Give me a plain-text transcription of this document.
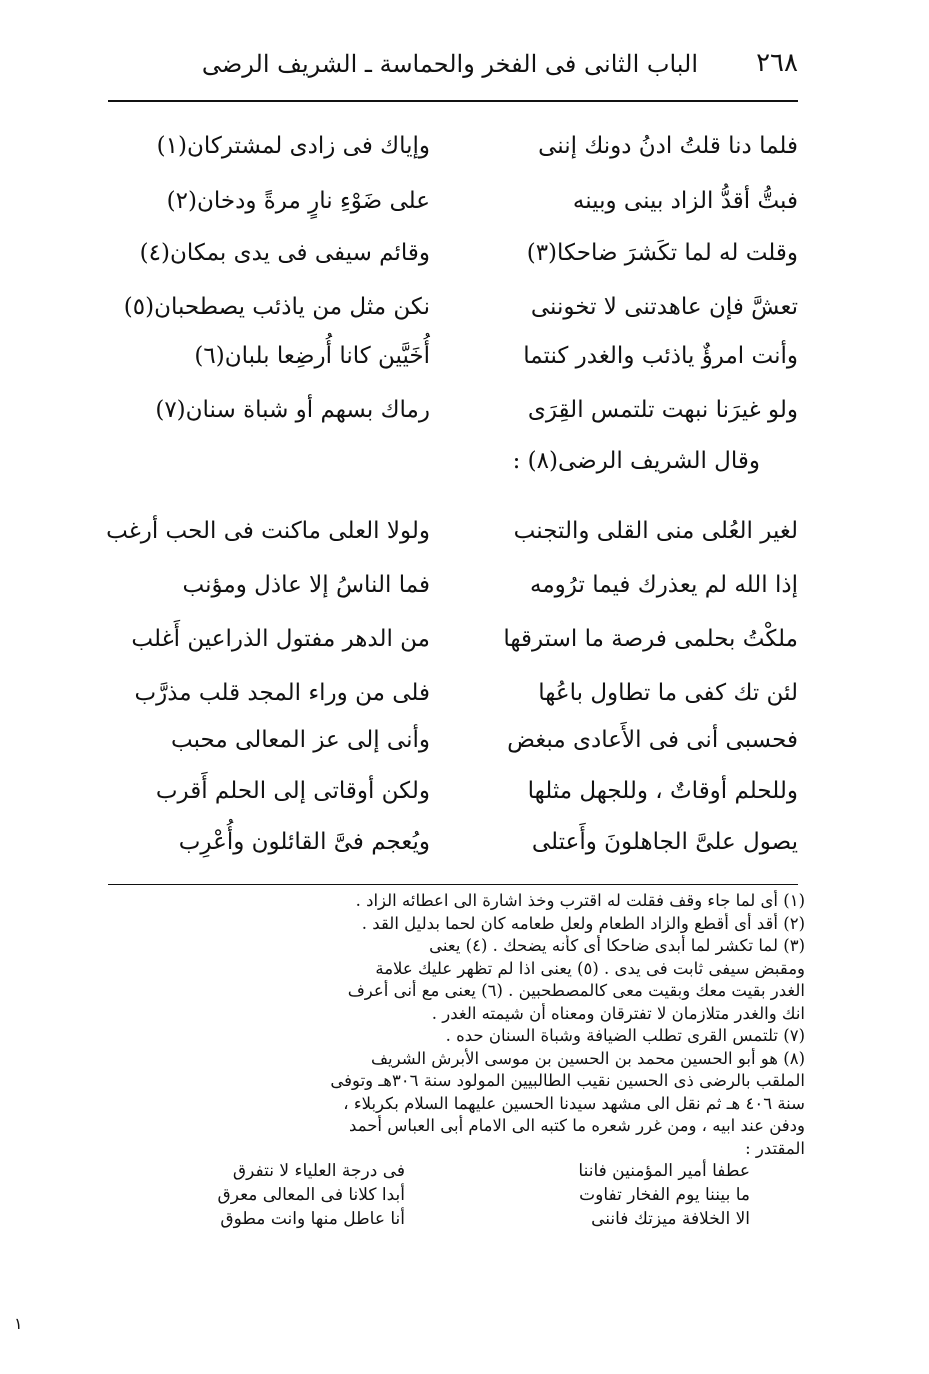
٢٦٨
الباب الثانى فى الفخر والحماسة ـ الشريف الرضى
فلما دنا قلتُ ادنُ دونك إننى
وإياك فى زادى لمشتركان(١)
فبتُّ أقدُّ الزاد بينى وبينه
على ضَوْءِ نارٍ مرةً ودخان(٢)
وقلت له لما تكَشرَ ضاحكا(٣)
وقائم سيفى فى يدى بمكان(٤)
تعشَّ فإن عاهدتنى لا تخوننى
نكن مثل من ياذئب يصطحبان(٥)
وأنت امرؤٌ ياذئب والغدر كنتما
أُخَيَّين كانا أُرضِعا بلبان(٦)
ولو غيرَنا نبهت تلتمس القِرَى
رماك بسهم أو شباة سنان(٧)
وقال الشريف الرضى(٨) :
لغير العُلى منى القلى والتجنب
ولولا العلى ماكنت فى الحب أرغب
إذا الله لم يعذرك فيما ترُومه
فما الناسُ إلا عاذل ومؤنب
ملكْتُ بحلمى فرصة ما استرقها
من الدهر مفتول الذراعين أَغلب
لئن تك كفى ما تطاول باعُها
فلى من وراء المجد قلب مذرَّب
فحسبى أنى فى الأَعادى مبغض
وأنى إلى عز المعالى محبب
وللحلم أوقاتٌ ، وللجهل مثلها
ولكن أوقاتى إلى الحلم أَقرب
يصول علىَّ الجاهلونَ وأَعتلى
ويُعجم فىَّ القائلون وأُعْرِب
(١) أى لما جاء وقف فقلت له اقترب وخذ اشارة الى اعطائه الزاد .
(٢) أقد أى أقطع والزاد الطعام ولعل طعامه كان لحما بدليل القد .
(٣) لما تكشر لما أبدى ضاحكا أى كأنه يضحك . (٤) يعنى
ومقبض سيفى ثابت فى يدى . (٥) يعنى اذا لم تظهر عليك علامة
الغدر بقيت معك وبقيت معى كالمصطحبين . (٦) يعنى مع أنى أعرف
انك والغدر متلازمان لا تفترقان ومعناه أن شيمته الغدر .
(٧) تلتمس القرى تطلب الضيافة وشباة السنان حده .
(٨) هو أبو الحسين محمد بن الحسين بن موسى الأبرش الشريف
الملقب بالرضى ذى الحسين نقيب الطالبيين المولود سنة ٣٠٦هـ وتوفى
سنة ٤٠٦ هـ ثم نقل الى مشهد سيدنا الحسين عليهما السلام بكربلاء ،
ودفن عند ابيه ، ومن غرر شعره ما كتبه الى الامام أبى العباس أحمد
المقتدر :
عطفا أمير المؤمنين فاننا
فى درجة العلياء لا نتفرق
ما بيننا يوم الفخار تفاوت
أبدا كلانا فى المعالى معرق
الا الخلافة ميزتك فاننى
أنا عاطل منها وانت مطوق
١
